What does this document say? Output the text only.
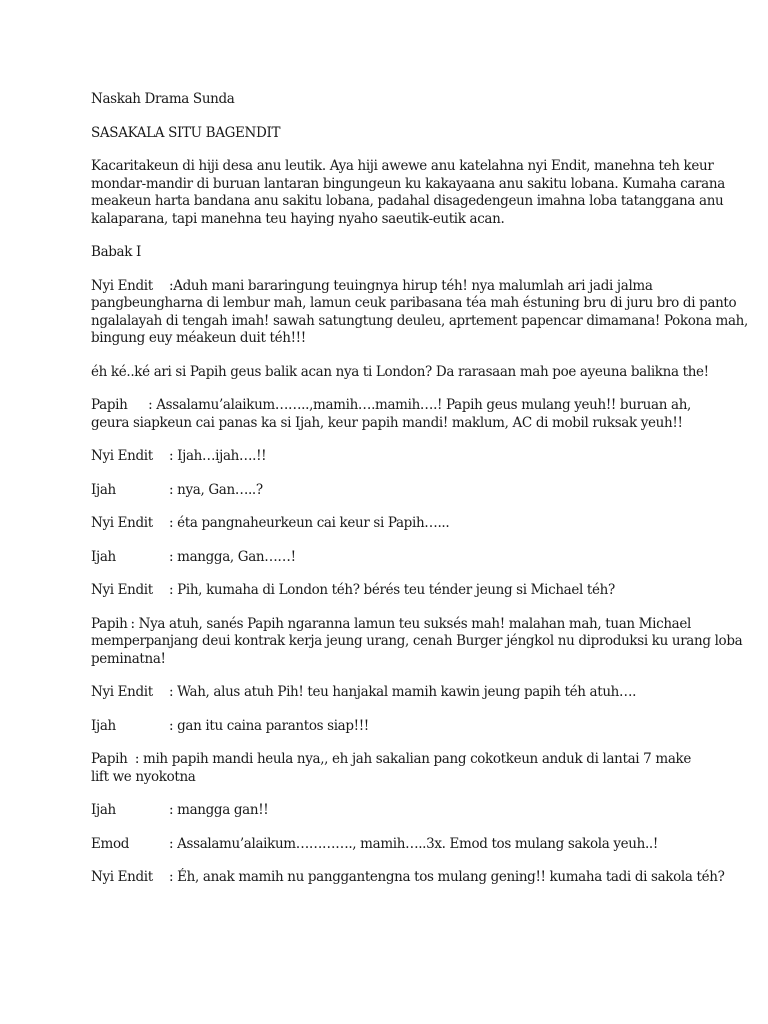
Naskah Drama Sunda

SASAKALA SITU BAGENDIT

Kacaritakeun di hiji desa anu leutik. Aya hiji awewe anu katelahna nyi Endit, manehna teh keur

mondar-mandir di buruan lantaran bingungeun ku kakayaana anu sakitu lobana. Kumaha carana

meakeun harta bandana anu sakitu lobana, padahal disagedengeun imahna loba tatanggana anu

kalaparana, tapi manehna teu haying nyaho saeutik-eutik acan.

Babak I

Nyi Endit	:Aduh mani bararingung teuingnya hirup téh! nya malumlah ari jadi jalma

pangbeungharna di lembur mah, lamun ceuk paribasana téa mah éstuning bru di juru bro di panto

ngalalayah di tengah imah! sawah satungtung deuleu, aprtement papencar dimamana! Pokona mah,

bingung euy méakeun duit téh!!!

éh ké..ké ari si Papih geus balik acan nya ti London? Da rarasaan mah poe ayeuna balikna the!

Papih	: Assalamu’alaikum……..,mamih….mamih….! Papih geus mulang yeuh!! buruan ah,

geura siapkeun cai panas ka si Ijah, keur papih mandi! maklum, AC di mobil ruksak yeuh!!

Nyi Endit	: Ijah…ijah….!!
Ijah	: nya, Gan…..?
Nyi Endit	: éta pangnaheurkeun cai keur si Papih…...
Ijah	: mangga, Gan……!
Nyi Endit	: Pih, kumaha di London téh? bérés teu ténder jeung si Michael téh?
Papih : Nya atuh, sanés Papih ngaranna lamun teu suksés mah! malahan mah, tuan Michael

memperpanjang deui kontrak kerja jeung urang, cenah Burger jéngkol nu diproduksi ku urang loba

peminatna!

Nyi Endit	: Wah, alus atuh Pih! teu hanjakal mamih kawin jeung papih téh atuh….
Ijah	: gan itu caina parantos siap!!!
Papih : mih papih mandi heula nya,, eh jah sakalian pang cokotkeun anduk di lantai 7 make

lift we nyokotna

Ijah	: mangga gan!!
Emod	: Assalamu’alaikum…………., mamih…..3x. Emod tos mulang sakola yeuh..!
Nyi Endit	: Éh, anak mamih nu panggantengna tos mulang gening!! kumaha tadi di sakola téh?
